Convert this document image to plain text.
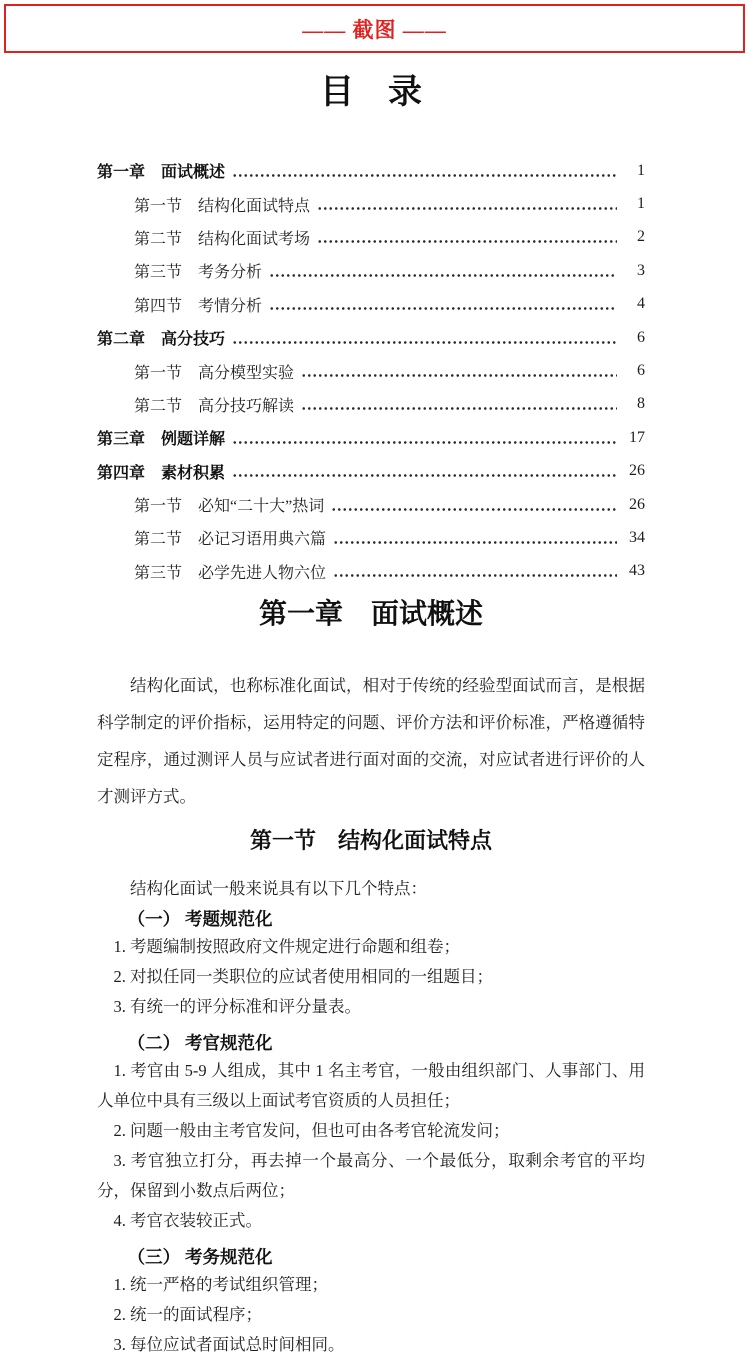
—— 截图 ——
目　录
第一章　面试概述	1
第一节　结构化面试特点	1
第二节　结构化面试考场	2
第三节　考务分析	3
第四节　考情分析	4
第二章　高分技巧	6
第一节　高分模型实验	6
第二节　高分技巧解读	8
第三章　例题详解	17
第四章　素材积累	26
第一节　必知“二十大”热词	26
第二节　必记习语用典六篇	34
第三节　必学先进人物六位	43
第一章　面试概述

结构化面试，也称标准化面试，相对于传统的经验型面试而言，是根据科学制定的评价指标，运用特定的问题、评价方法和评价标准，严格遵循特定程序，通过测评人员与应试者进行面对面的交流，对应试者进行评价的人才测评方式。

第一节　结构化面试特点

结构化面试一般来说具有以下几个特点：

（一） 考题规范化

1. 考题编制按照政府文件规定进行命题和组卷；

2. 对拟任同一类职位的应试者使用相同的一组题目；

3. 有统一的评分标准和评分量表。

（二） 考官规范化

1. 考官由 5-9 人组成，其中 1 名主考官，一般由组织部门、人事部门、用人单位中具有三级以上面试考官资质的人员担任；

2. 问题一般由主考官发问，但也可由各考官轮流发问；

3. 考官独立打分，再去掉一个最高分、一个最低分，取剩余考官的平均分，保留到小数点后两位；

4. 考官衣装较正式。

（三） 考务规范化

1. 统一严格的考试组织管理；

2. 统一的面试程序；

3. 每位应试者面试总时间相同。
